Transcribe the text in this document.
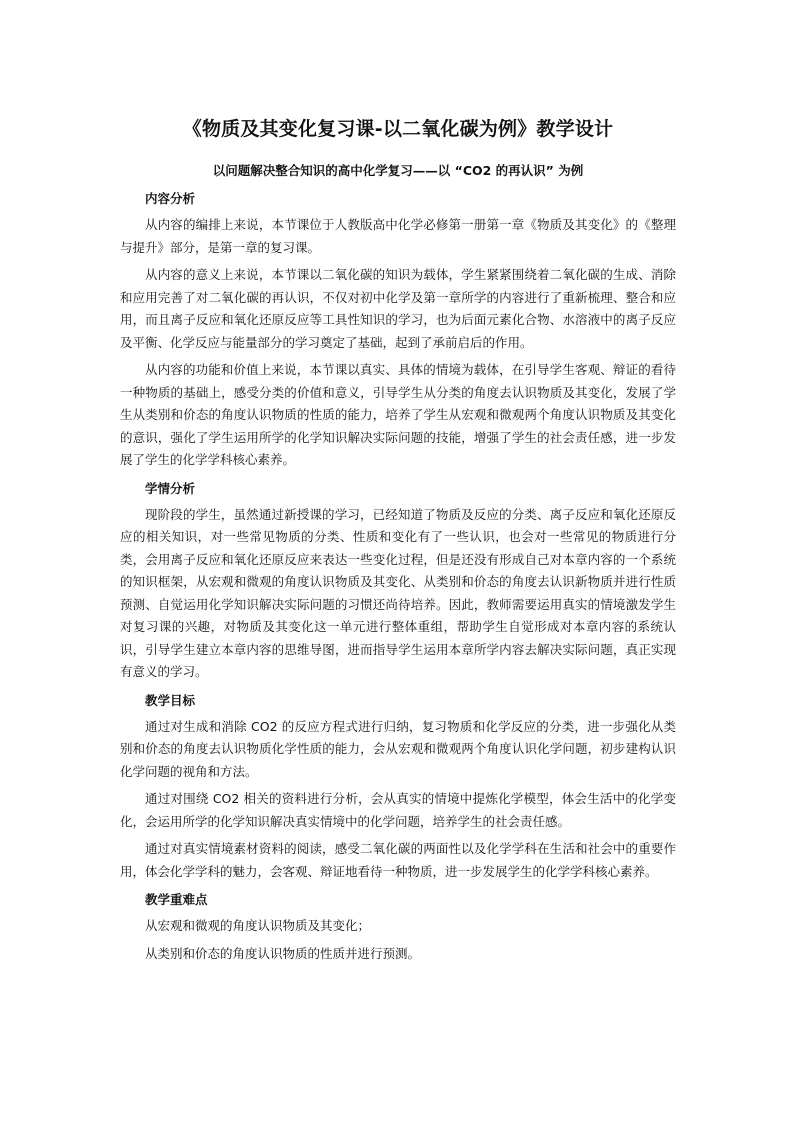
《物质及其变化复习课-以二氧化碳为例》教学设计
以问题解决整合知识的高中化学复习——以 “CO2 的再认识” 为例
内容分析

从内容的编排上来说，本节课位于人教版高中化学必修第一册第一章《物质及其变化》的《整理与提升》部分，是第一章的复习课。

从内容的意义上来说，本节课以二氧化碳的知识为载体，学生紧紧围绕着二氧化碳的生成、消除和应用完善了对二氧化碳的再认识，不仅对初中化学及第一章所学的内容进行了重新梳理、整合和应用，而且离子反应和氧化还原反应等工具性知识的学习，也为后面元素化合物、水溶液中的离子反应及平衡、化学反应与能量部分的学习奠定了基础，起到了承前启后的作用。

从内容的功能和价值上来说，本节课以真实、具体的情境为载体，在引导学生客观、辩证的看待一种物质的基础上，感受分类的价值和意义，引导学生从分类的角度去认识物质及其变化，发展了学生从类别和价态的角度认识物质的性质的能力，培养了学生从宏观和微观两个角度认识物质及其变化的意识，强化了学生运用所学的化学知识解决实际问题的技能，增强了学生的社会责任感，进一步发展了学生的化学学科核心素养。

学情分析

现阶段的学生，虽然通过新授课的学习，已经知道了物质及反应的分类、离子反应和氧化还原反应的相关知识，对一些常见物质的分类、性质和变化有了一些认识，也会对一些常见的物质进行分类，会用离子反应和氧化还原反应来表达一些变化过程，但是还没有形成自己对本章内容的一个系统的知识框架，从宏观和微观的角度认识物质及其变化、从类别和价态的角度去认识新物质并进行性质预测、自觉运用化学知识解决实际问题的习惯还尚待培养。因此，教师需要运用真实的情境激发学生对复习课的兴趣，对物质及其变化这一单元进行整体重组，帮助学生自觉形成对本章内容的系统认识，引导学生建立本章内容的思维导图，进而指导学生运用本章所学内容去解决实际问题，真正实现有意义的学习。

教学目标

通过对生成和消除 CO2 的反应方程式进行归纳，复习物质和化学反应的分类，进一步强化从类别和价态的角度去认识物质化学性质的能力，会从宏观和微观两个角度认识化学问题，初步建构认识化学问题的视角和方法。

通过对围绕 CO2 相关的资料进行分析，会从真实的情境中提炼化学模型，体会生活中的化学变化，会运用所学的化学知识解决真实情境中的化学问题，培养学生的社会责任感。

通过对真实情境素材资料的阅读，感受二氧化碳的两面性以及化学学科在生活和社会中的重要作用，体会化学学科的魅力，会客观、辩证地看待一种物质，进一步发展学生的化学学科核心素养。

教学重难点

从宏观和微观的角度认识物质及其变化；

从类别和价态的角度认识物质的性质并进行预测。
